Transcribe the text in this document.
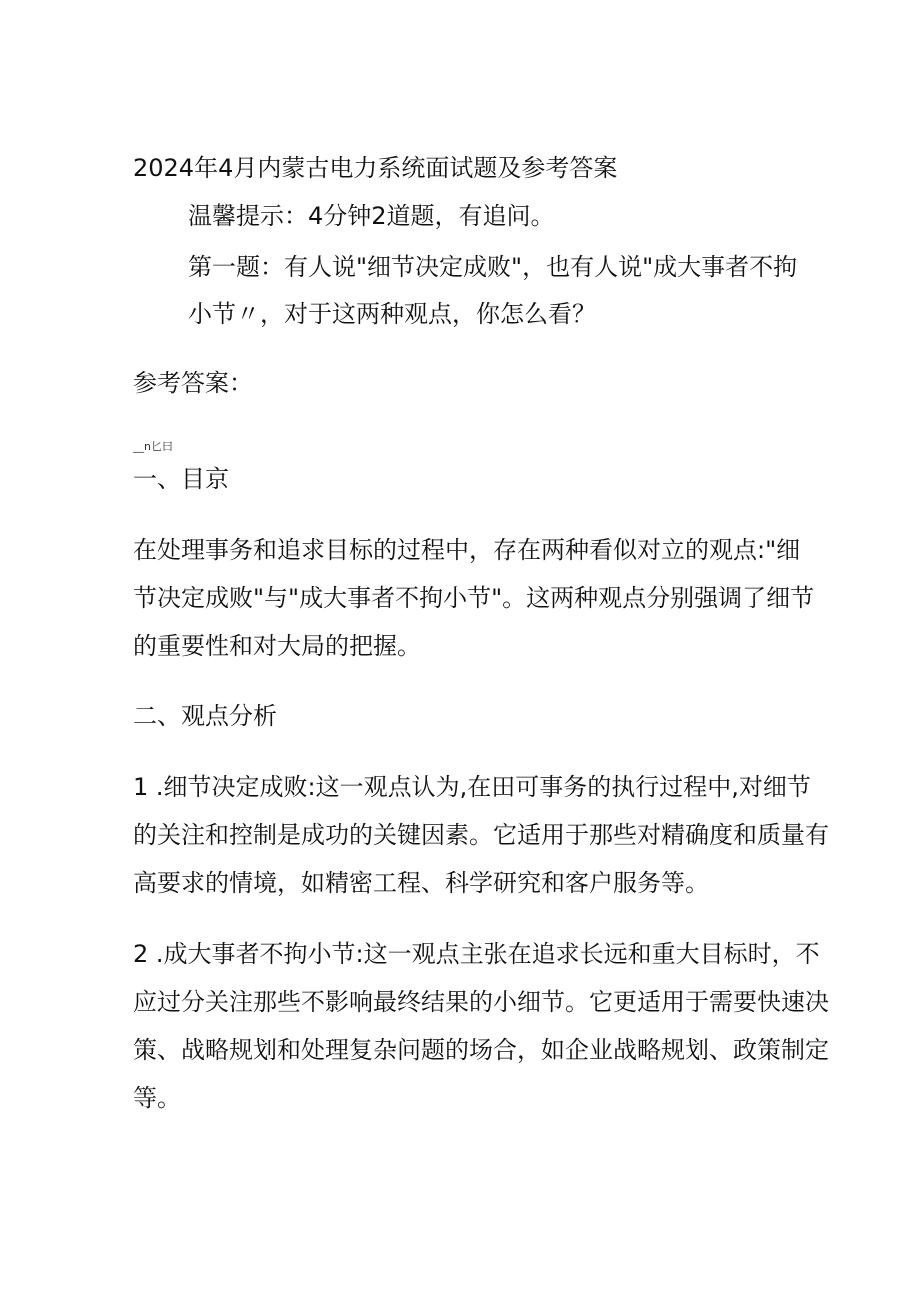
2024年4月内蒙古电力系统面试题及参考答案
温馨提示：4分钟2道题，有追问。
第一题：有人说"细节决定成败"，也有人说"成大事者不拘
小节〃，对于这两种观点，你怎么看？
参考答案：
__n匕曰
一、目京
在处理事务和追求目标的过程中，存在两种看似对立的观点:"细
节决定成败"与"成大事者不拘小节"。这两种观点分别强调了细节
的重要性和对大局的把握。
二、观点分析
1 .细节决定成败:这一观点认为,在田可事务的执行过程中,对细节
的关注和控制是成功的关键因素。它适用于那些对精确度和质量有
高要求的情境，如精密工程、科学研究和客户服务等。
2 .成大事者不拘小节:这一观点主张在追求长远和重大目标时，不
应过分关注那些不影响最终结果的小细节。它更适用于需要快速决
策、战略规划和处理复杂问题的场合，如企业战略规划、政策制定
等。
